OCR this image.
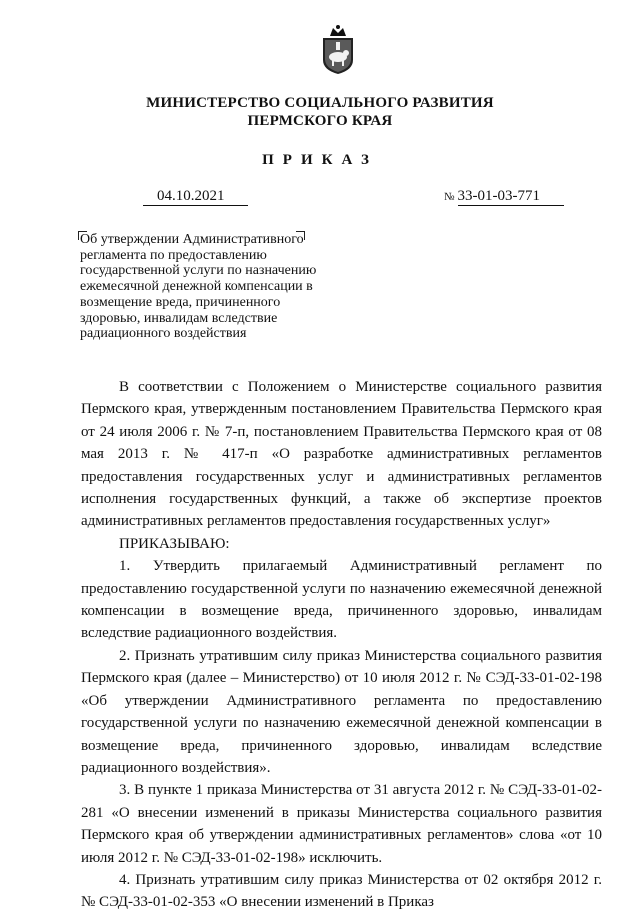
МИНИСТЕРСТВО СОЦИАЛЬНОГО РАЗВИТИЯ
ПЕРМСКОГО КРАЯ
ПРИКАЗ
04.10.2021	№ 33-01-03-771
Об утверждении Административного регламента по предоставлению государственной услуги по назначению ежемесячной денежной компенсации в возмещение вреда, причиненного здоровью, инвалидам вследствие радиационного воздействия

В соответствии с Положением о Министерстве социального развития Пермского края, утвержденным постановлением Правительства Пермского края от 24 июля 2006 г. № 7-п, постановлением Правительства Пермского края от 08 мая 2013 г. № 417-п «О разработке административных регламентов предоставления государственных услуг и административных регламентов исполнения государственных функций, а также об экспертизе проектов административных регламентов предоставления государственных услуг»

ПРИКАЗЫВАЮ:

1. Утвердить прилагаемый Административный регламент по предоставлению государственной услуги по назначению ежемесячной денежной компенсации в возмещение вреда, причиненного здоровью, инвалидам вследствие радиационного воздействия.

2. Признать утратившим силу приказ Министерства социального развития Пермского края (далее – Министерство) от 10 июля 2012 г. № СЭД-33-01-02-198 «Об утверждении Административного регламента по предоставлению государственной услуги по назначению ежемесячной денежной компенсации в возмещение вреда, причиненного здоровью, инвалидам вследствие радиационного воздействия».

3. В пункте 1 приказа Министерства от 31 августа 2012 г. № СЭД-33-01-02-281 «О внесении изменений в приказы Министерства социального развития Пермского края об утверждении административных регламентов» слова «от 10 июля 2012 г. № СЭД-33-01-02-198» исключить.

4. Признать утратившим силу приказ Министерства от 02 октября 2012 г. № СЭД-33-01-02-353 «О внесении изменений в Приказ
